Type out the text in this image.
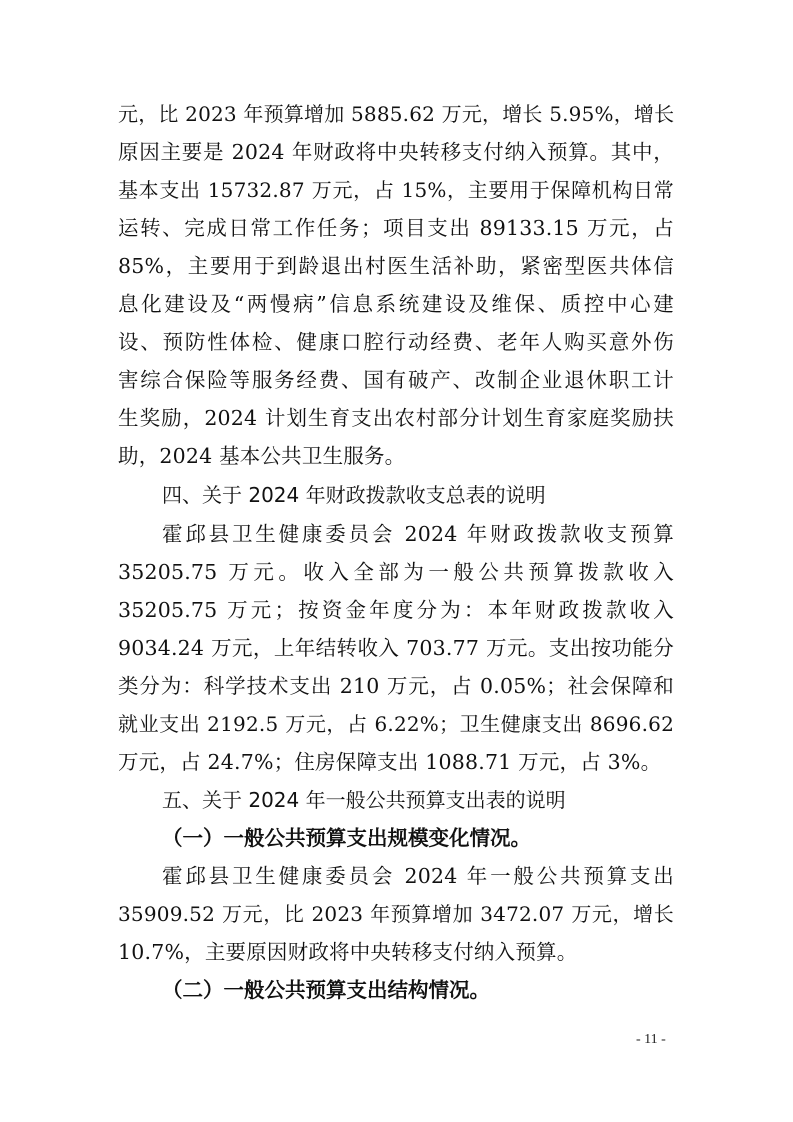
元，比 2023 年预算增加 5885.62 万元，增长 5.95%，增长
原因主要是 2024 年财政将中央转移支付纳入预算。其中，
基本支出 15732.87 万元，占 15%，主要用于保障机构日常
运转、完成日常工作任务；项目支出 89133.15 万元，占
85%，主要用于到龄退出村医生活补助，紧密型医共体信
息化建设及“两慢病”信息系统建设及维保、质控中心建
设、预防性体检、健康口腔行动经费、老年人购买意外伤
害综合保险等服务经费、国有破产、改制企业退休职工计
生奖励，2024 计划生育支出农村部分计划生育家庭奖励扶
助，2024 基本公共卫生服务。
四、关于 2024 年财政拨款收支总表的说明
霍邱县卫生健康委员会 2024 年财政拨款收支预算
35205.75 万元。收入全部为一般公共预算拨款收入
35205.75 万元；按资金年度分为：本年财政拨款收入
9034.24 万元，上年结转收入 703.77 万元。支出按功能分
类分为：科学技术支出 210 万元，占 0.05%；社会保障和
就业支出 2192.5 万元，占 6.22%；卫生健康支出 8696.62
万元，占 24.7%；住房保障支出 1088.71 万元，占 3%。
五、关于 2024 年一般公共预算支出表的说明
（一）一般公共预算支出规模变化情况。
霍邱县卫生健康委员会 2024 年一般公共预算支出
35909.52 万元，比 2023 年预算增加 3472.07 万元，增长
10.7%，主要原因财政将中央转移支付纳入预算。
（二）一般公共预算支出结构情况。
- 11 -
